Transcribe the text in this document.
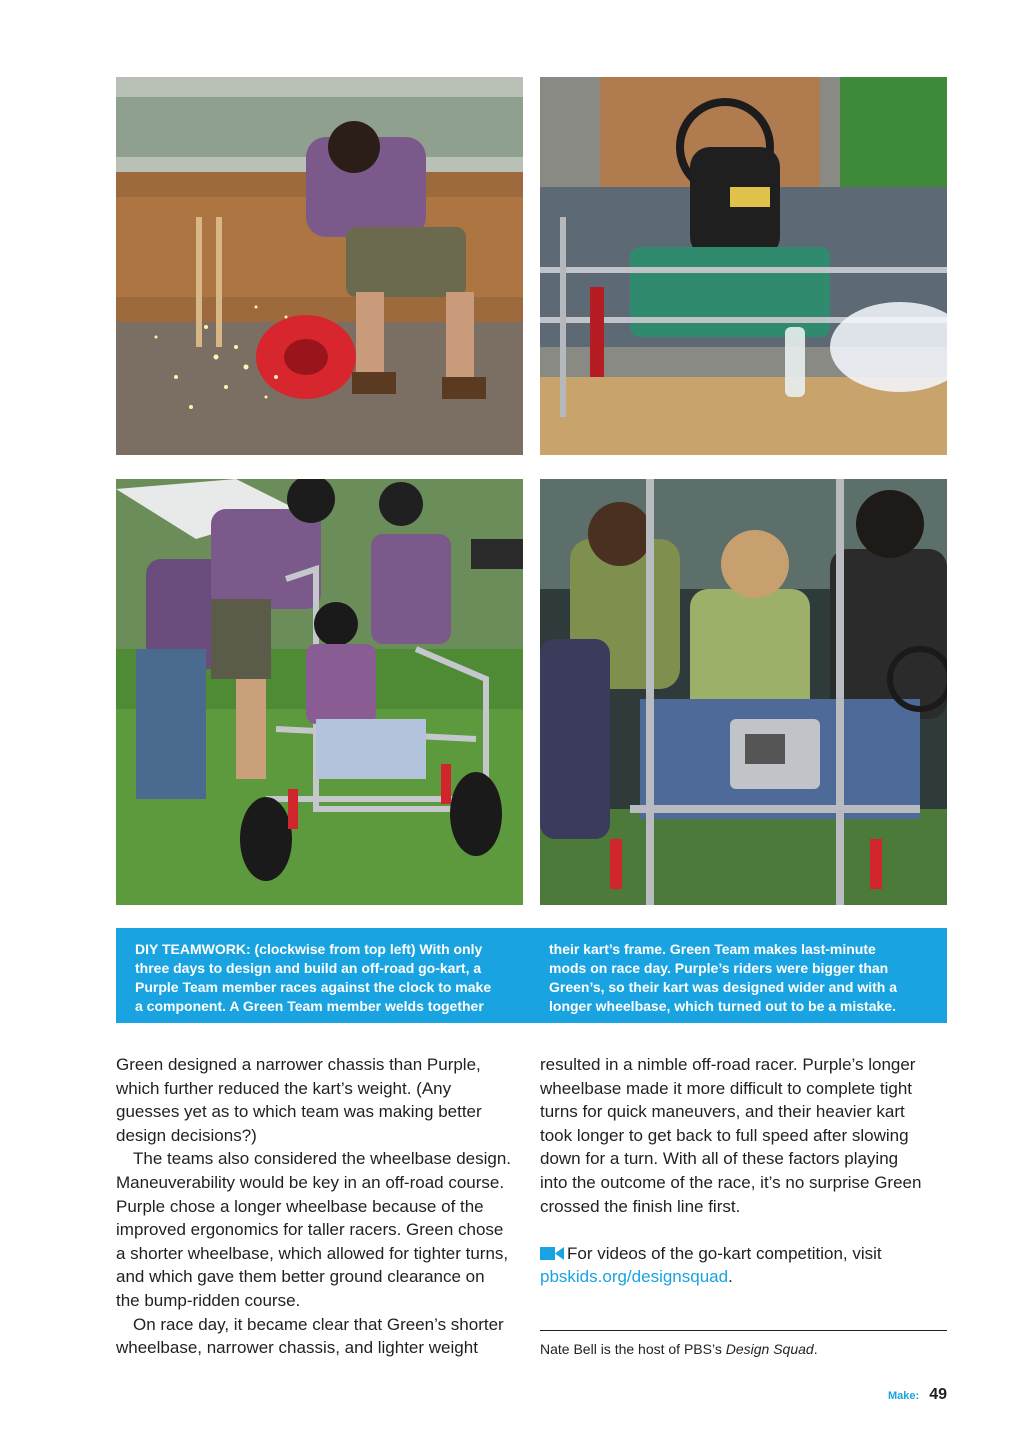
DIY TEAMWORK: (clockwise from top left) With only
three days to design and build an off-road go-kart, a
Purple Team member races against the clock to make
a component. A Green Team member welds together
their kart’s frame. Green Team makes last-minute
mods on race day. Purple’s riders were bigger than
Green’s, so their kart was designed wider and with a
longer wheelbase, which turned out to be a mistake.
Green designed a narrower chassis than Purple,
which further reduced the kart’s weight. (Any
guesses yet as to which team was making better
design decisions?)
The teams also considered the wheelbase design.
Maneuverability would be key in an off-road course.
Purple chose a longer wheelbase because of the
improved ergonomics for taller racers. Green chose
a shorter wheelbase, which allowed for tighter turns,
and which gave them better ground clearance on
the bump-ridden course.
On race day, it became clear that Green’s shorter
wheelbase, narrower chassis, and lighter weight
resulted in a nimble off-road racer. Purple’s longer
wheelbase made it more difficult to complete tight
turns for quick maneuvers, and their heavier kart
took longer to get back to full speed after slowing
down for a turn. With all of these factors playing
into the outcome of the race, it’s no surprise Green
crossed the finish line first.
For videos of the go-kart competition, visit
pbskids.org/designsquad.
Nate Bell is the host of PBS’s Design Squad.
Make: 49
